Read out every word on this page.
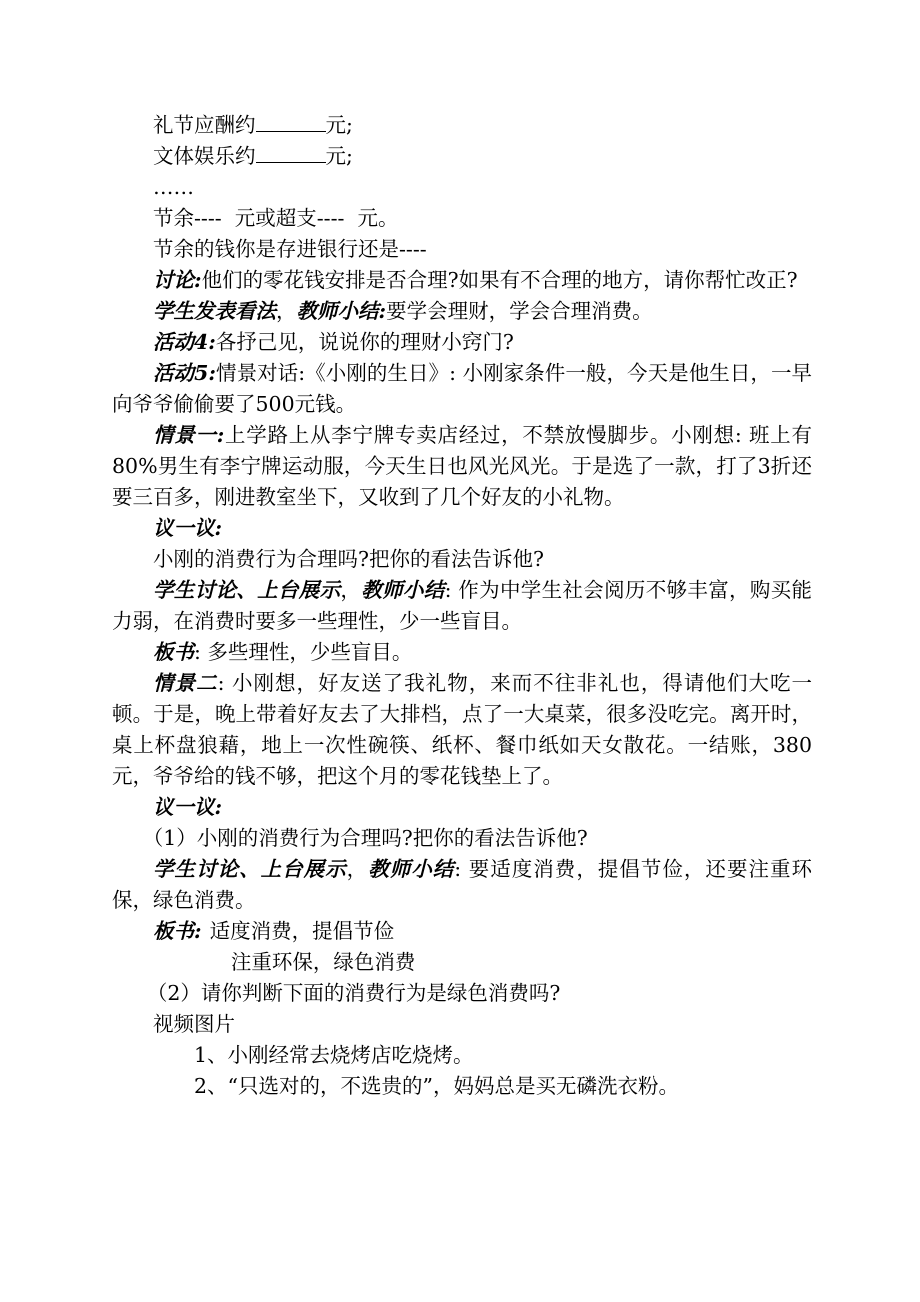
礼节应酬约	元;

文体娱乐约	元;

……

节余----  元或超支----  元。

节余的钱你是存进银行还是----

讨论:他们的零花钱安排是否合理?如果有不合理的地方，请你帮忙改正?

学生发表看法，教师小结:要学会理财，学会合理消费。

活动4:各抒己见，说说你的理财小窍门?

活动5:情景对话:《小刚的生日》: 小刚家条件一般，今天是他生日，一早向爷爷偷偷要了500元钱。

情景一:上学路上从李宁牌专卖店经过，不禁放慢脚步。小刚想: 班上有80%男生有李宁牌运动服，今天生日也风光风光。于是选了一款，打了3折还要三百多，刚进教室坐下，又收到了几个好友的小礼物。

议一议:

小刚的消费行为合理吗?把你的看法告诉他?

学生讨论、上台展示，教师小结: 作为中学生社会阅历不够丰富，购买能力弱，在消费时要多一些理性，少一些盲目。

板书: 多些理性，少些盲目。

情景二: 小刚想，好友送了我礼物，来而不往非礼也，得请他们大吃一顿。于是，晚上带着好友去了大排档，点了一大桌菜，很多没吃完。离开时，桌上杯盘狼藉，地上一次性碗筷、纸杯、餐巾纸如天女散花。一结账，380元，爷爷给的钱不够，把这个月的零花钱垫上了。

议一议:

（1）小刚的消费行为合理吗?把你的看法告诉他?

学生讨论、上台展示，教师小结: 要适度消费，提倡节俭，还要注重环保，绿色消费。

板书: 适度消费，提倡节俭

注重环保，绿色消费

（2）请你判断下面的消费行为是绿色消费吗?

视频图片

1、小刚经常去烧烤店吃烧烤。

2、“只选对的，不选贵的”，妈妈总是买无磷洗衣粉。
